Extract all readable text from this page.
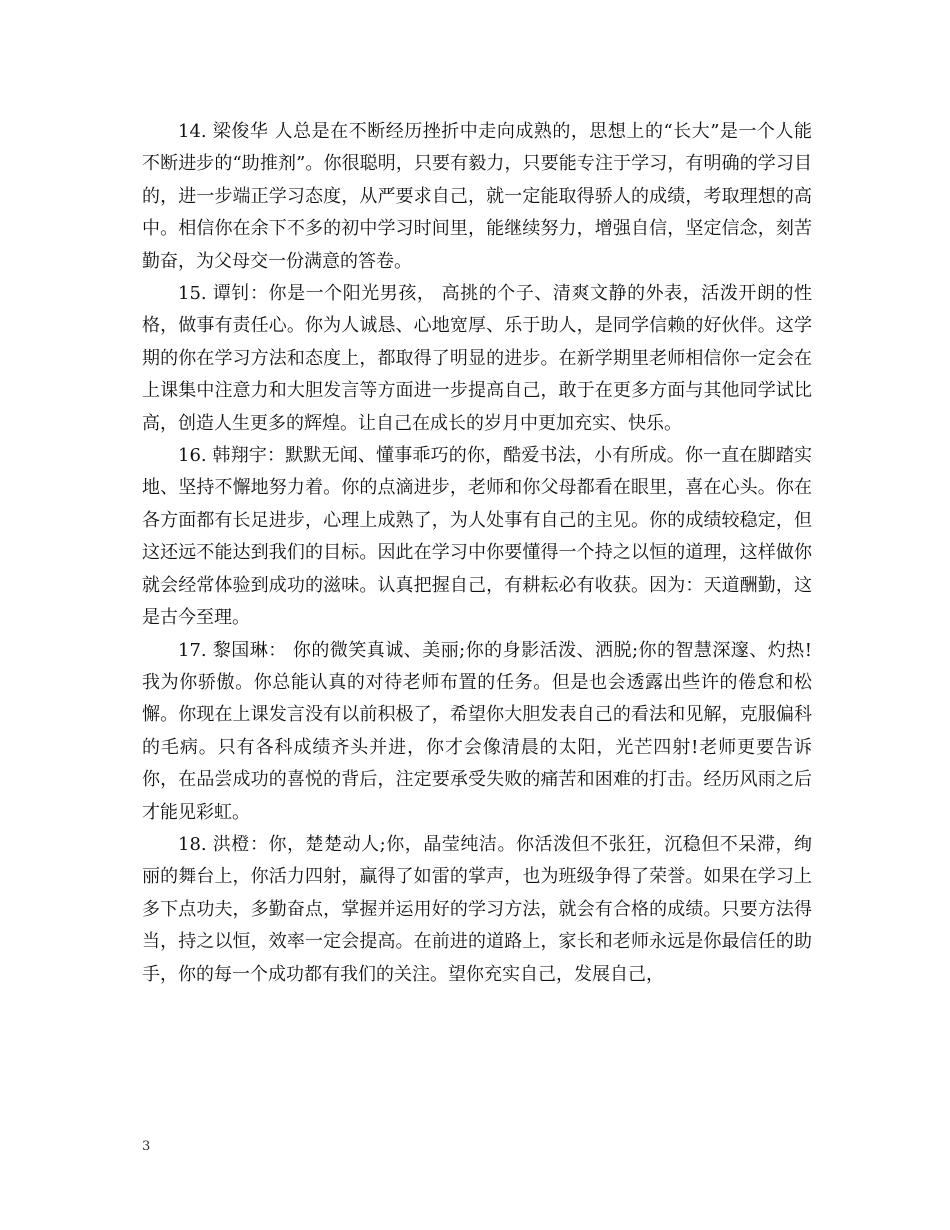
14. 梁俊华 人总是在不断经历挫折中走向成熟的，思想上的“长大”是一个人能不断进步的“助推剂”。你很聪明，只要有毅力，只要能专注于学习，有明确的学习目的，进一步端正学习态度，从严要求自己，就一定能取得骄人的成绩，考取理想的高中。相信你在余下不多的初中学习时间里，能继续努力，增强自信，坚定信念，刻苦勤奋，为父母交一份满意的答卷。

15. 谭钊：你是一个阳光男孩， 高挑的个子、清爽文静的外表，活泼开朗的性格，做事有责任心。你为人诚恳、心地宽厚、乐于助人，是同学信赖的好伙伴。这学期的你在学习方法和态度上，都取得了明显的进步。在新学期里老师相信你一定会在上课集中注意力和大胆发言等方面进一步提高自己，敢于在更多方面与其他同学试比高，创造人生更多的辉煌。让自己在成长的岁月中更加充实、快乐。

16. 韩翔宇：默默无闻、懂事乖巧的你，酷爱书法，小有所成。你一直在脚踏实地、坚持不懈地努力着。你的点滴进步，老师和你父母都看在眼里，喜在心头。你在各方面都有长足进步，心理上成熟了，为人处事有自己的主见。你的成绩较稳定，但这还远不能达到我们的目标。因此在学习中你要懂得一个持之以恒的道理，这样做你就会经常体验到成功的滋味。认真把握自己，有耕耘必有收获。因为：天道酬勤，这是古今至理。

17. 黎国琳： 你的微笑真诚、美丽;你的身影活泼、洒脱;你的智慧深邃、灼热!我为你骄傲。你总能认真的对待老师布置的任务。但是也会透露出些许的倦怠和松懈。你现在上课发言没有以前积极了，希望你大胆发表自己的看法和见解，克服偏科的毛病。只有各科成绩齐头并进，你才会像清晨的太阳，光芒四射!老师更要告诉你，在品尝成功的喜悦的背后，注定要承受失败的痛苦和困难的打击。经历风雨之后才能见彩虹。

18. 洪橙：你，楚楚动人;你，晶莹纯洁。你活泼但不张狂，沉稳但不呆滞，绚丽的舞台上，你活力四射，赢得了如雷的掌声，也为班级争得了荣誉。如果在学习上多下点功夫，多勤奋点，掌握并运用好的学习方法，就会有合格的成绩。只要方法得当，持之以恒，效率一定会提高。在前进的道路上，家长和老师永远是你最信任的助手，你的每一个成功都有我们的关注。望你充实自己，发展自己，

3
